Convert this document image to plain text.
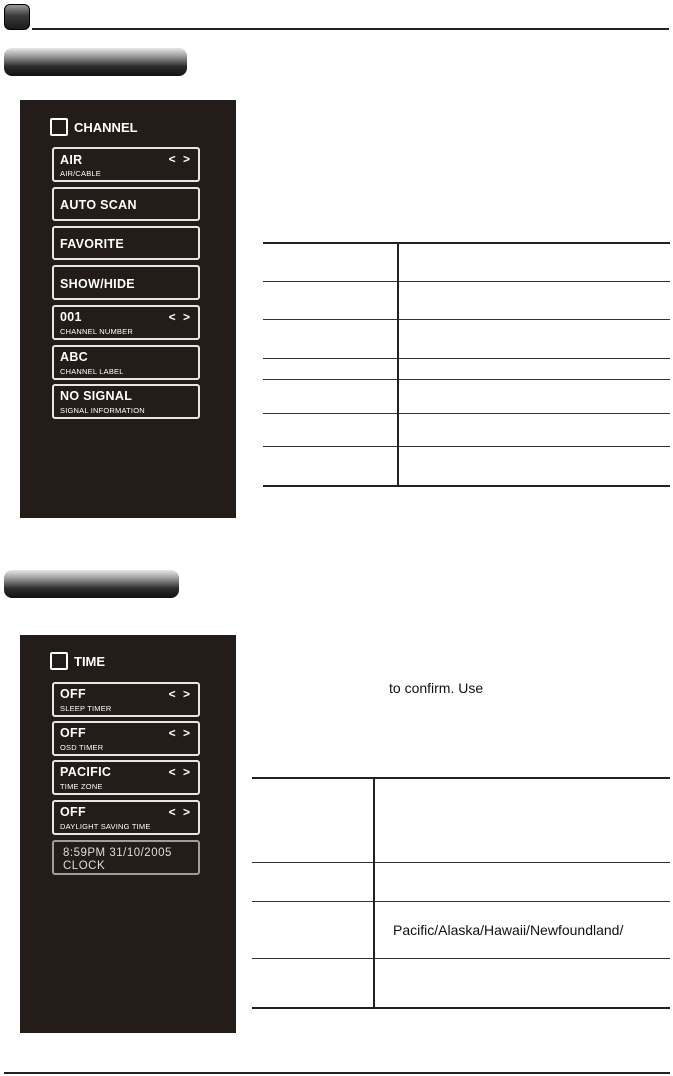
CHANNEL
AIR	< >
AIR/CABLE
AUTO SCAN
FAVORITE
SHOW/HIDE
001	< >
CHANNEL NUMBER
ABC
CHANNEL LABEL
NO SIGNAL
SIGNAL INFORMATION
TIME
OFF	< >
SLEEP TIMER
OFF	< >
OSD TIMER
PACIFIC	< >
TIME ZONE
OFF	< >
DAYLIGHT SAVING TIME
8:59PM 31/10/2005
CLOCK
to confirm. Use
Pacific/Alaska/Hawaii/Newfoundland/
